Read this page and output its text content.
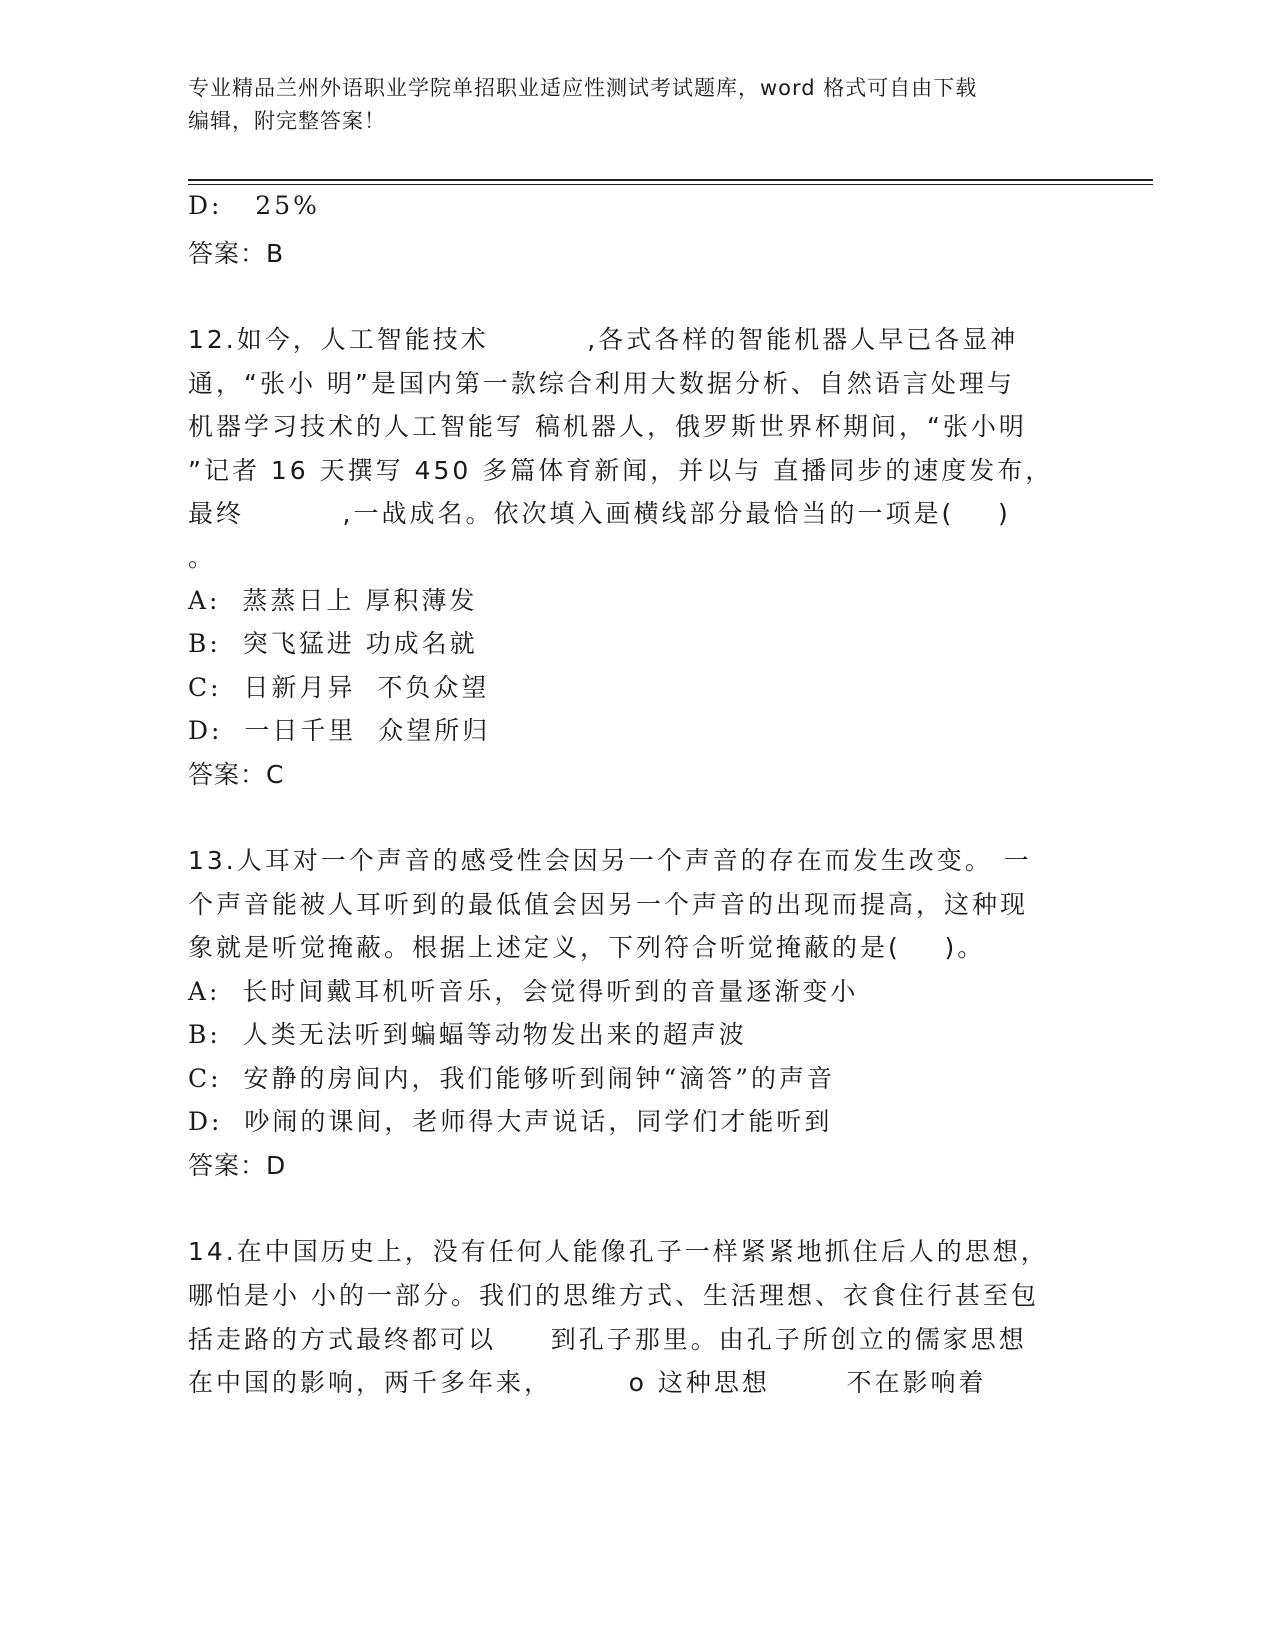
专业精品兰州外语职业学院单招职业适应性测试考试题库，word 格式可自由下载
编辑，附完整答案！
D:   25%
答案：B
12.如今，人工智能技术         ,各式各样的智能机器人早已各显神
通，“张小 明”是国内第一款综合利用大数据分析、自然语言处理与
机器学习技术的人工智能写 稿机器人，俄罗斯世界杯期间，“张小明
”记者 16 天撰写 450 多篇体育新闻，并以与 直播同步的速度发布，
最终         ,一战成名。依次填入画横线部分最恰当的一项是(    )
。
A:  蒸蒸日上 厚积薄发
B:  突飞猛进 功成名就
C:  日新月异  不负众望
D:  一日千里  众望所归
答案：C
13.人耳对一个声音的感受性会因另一个声音的存在而发生改变。 一
个声音能被人耳听到的最低值会因另一个声音的出现而提高，这种现
象就是听觉掩蔽。根据上述定义，下列符合听觉掩蔽的是(    )。
A:  长时间戴耳机听音乐，会觉得听到的音量逐渐变小
B:  人类无法听到蝙蝠等动物发出来的超声波
C:  安静的房间内，我们能够听到闹钟“滴答”的声音
D:  吵闹的课间，老师得大声说话，同学们才能听到
答案：D
14.在中国历史上，没有任何人能像孔子一样紧紧地抓住后人的思想，
哪怕是小 小的一部分。我们的思维方式、生活理想、衣食住行甚至包
括走路的方式最终都可以     到孔子那里。由孔子所创立的儒家思想
在中国的影响，两千多年来，       o 这种思想       不在影响着
